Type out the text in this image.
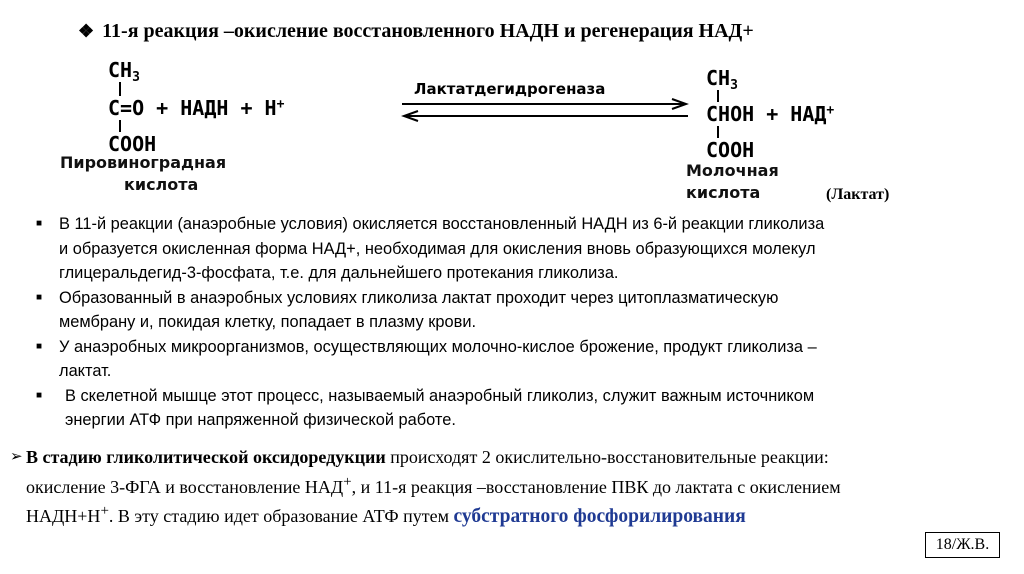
❖ 11-я реакция –окисление восстановленного НАДН и регенерация НАД+
$CH_3$
C=O + НАДН + Н+
COOH
Пировиноградная
кислота
Лактатдегидрогеназа	$CH_3$
CHOH + НАД+
COOH
Молочная
кислота	(Лактат)
■ В 11-й реакции (анаэробные условия) окисляется восстановленный НАДН из 6-й реакции гликолиза
и образуется окисленная форма НАД+, необходимая для окисления вновь образующихся молекул
глицеральдегид-3-фосфата, т.е. для дальнейшего протекания гликолиза.
■ Образованный в анаэробных условиях гликолиза лактат проходит через цитоплазматическую
мембрану и, покидая клетку, попадает в плазму крови.
■ У анаэробных микроорганизмов, осуществляющих молочно-кислое брожение, продукт гликолиза –
лактат.
■ В скелетной мышце этот процесс, называемый анаэробный гликолиз, служит важным источником
энергии АТФ при напряженной физической работе.
➢ В стадию гликолитической оксидоредукции происходят 2 окислительно-восстановительные реакции:
окисление 3-ФГА и восстановление НАД+, и 11-я реакция –восстановление ПВК до лактата с окислением
НАДН+Н+. В эту стадию идет образование АТФ путем субстратного фосфорилирования
18/Ж.В.
